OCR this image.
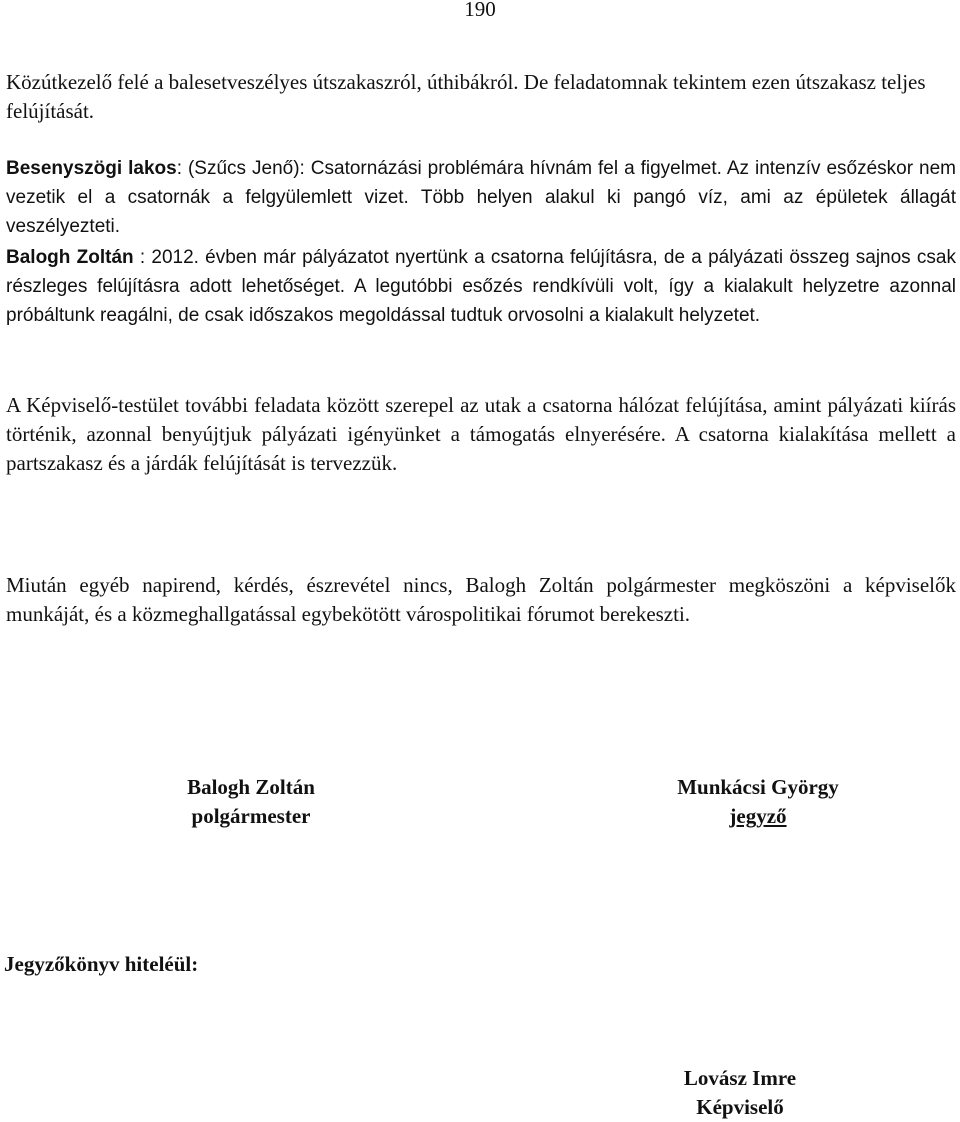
190

Közútkezelő felé a balesetveszélyes útszakaszról, úthibákról. De feladatomnak tekintem ezen útszakasz teljes felújítását.

Besenyszögi lakos: (Szűcs Jenő): Csatornázási problémára hívnám fel a figyelmet. Az intenzív esőzéskor nem vezetik el a csatornák a felgyülemlett vizet. Több helyen alakul ki pangó víz, ami az épületek állagát veszélyezteti.

Balogh Zoltán : 2012. évben már pályázatot nyertünk a csatorna felújításra, de a pályázati összeg sajnos csak részleges felújításra adott lehetőséget. A legutóbbi esőzés rendkívüli volt, így a kialakult helyzetre azonnal próbáltunk reagálni, de csak időszakos megoldással tudtuk orvosolni a kialakult helyzetet.

A Képviselő-testület további feladata között szerepel az utak a csatorna hálózat felújítása, amint pályázati kiírás történik, azonnal benyújtjuk pályázati igényünket a támogatás elnyerésére. A csatorna kialakítása mellett a partszakasz és a járdák felújítását is tervezzük.

Miután egyéb napirend, kérdés, észrevétel nincs, Balogh Zoltán polgármester megköszöni a képviselők munkáját, és a közmeghallgatással egybekötött várospolitikai fórumot berekeszti.

Balogh Zoltán
polgármester
Munkácsi György
jegyző
Jegyzőkönyv hiteléül:
Lovász Imre
Képviselő
